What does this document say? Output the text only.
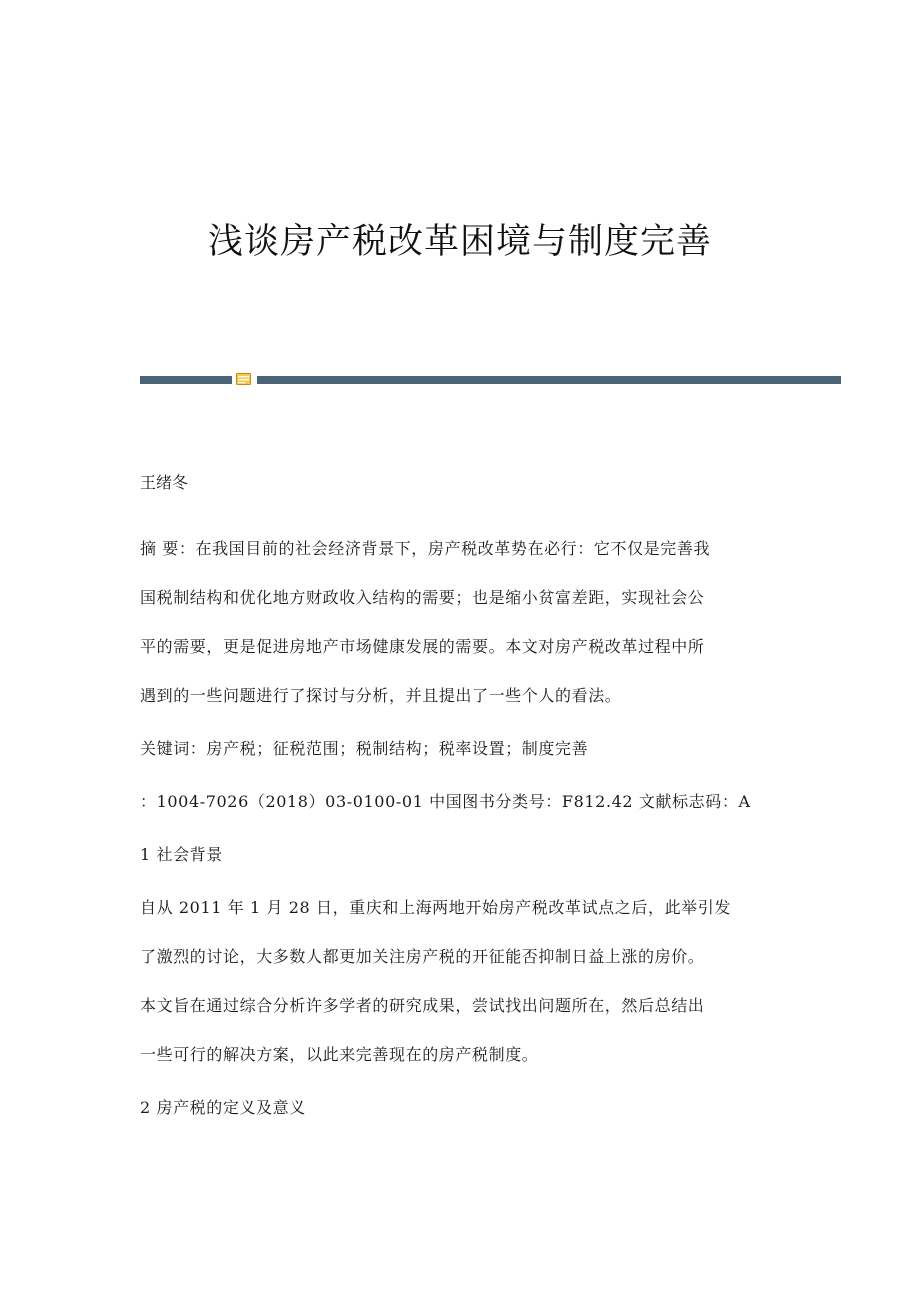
浅谈房产税改革困境与制度完善

王绪冬

摘 要：在我国目前的社会经济背景下，房产税改革势在必行：它不仅是完善我

国税制结构和优化地方财政收入结构的需要；也是缩小贫富差距，实现社会公

平的需要，更是促进房地产市场健康发展的需要。本文对房产税改革过程中所

遇到的一些问题进行了探讨与分析，并且提出了一些个人的看法。

关键词：房产税；征税范围；税制结构；税率设置；制度完善

：1004-7026（2018）03-0100-01 中国图书分类号：F812.42 文献标志码：A

1 社会背景

自从 2011 年 1 月 28 日，重庆和上海两地开始房产税改革试点之后，此举引发

了激烈的讨论，大多数人都更加关注房产税的开征能否抑制日益上涨的房价。

本文旨在通过综合分析许多学者的研究成果，尝试找出问题所在，然后总结出

一些可行的解决方案，以此来完善现在的房产税制度。

2 房产税的定义及意义
